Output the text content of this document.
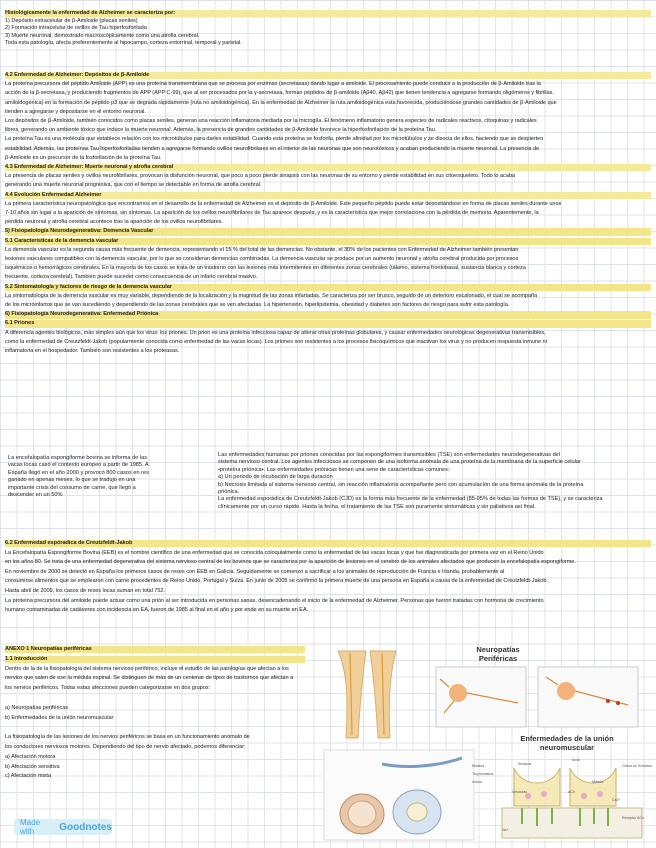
Histológicamente la enfermedad de Alzheimer se caracteriza por:
1) Depósito extracelular de β-Amiloide (placas seniles)
2) Formación intracelular de ovillos de Tau hiperfosforilada
3) Muerte neuronal, demostrado macroscópicamente como una atrofia cerebral.
Toda esta patología, afecta preferentemente al hipocampo, corteza entorrinal, temporal y parietal.
4.2 Enfermedad de Alzheimer: Depósitos de β-Amiloide
La proteína precursora del péptido Amiloide (APP) es una proteína transmembrana que se procesa por enzimas (secretasas) dando lugar a amiloide. El procesamiento puede conducir a la producción de β-Amiloide tras la
acción de la β-secretasa, y produciendo fragmentos de APP (APP C-99), que al ser procesados por la γ-secretasa, forman péptidos de β-amiloide (Aβ40, Aβ42) que tienen tendencia a agregarse formando oligómeros y fibrillas.
amiloidogénica) en la formación de péptido p3 que se degrada rápidamente (ruta no amiloidogénica). En la enfermedad de Alzheimer la ruta amiloidogénica esta favorecida, produciéndose grandes cantidades de β-Amiloide que
tienden a agregarse y depositarse en el entorno neuronal.
Los depósitos de β-Amiloide, también conocidos como placas seniles, generan una reacción inflamatoria mediada por la microglía. El fenómeno inflamatorio genera especies de radicales reactivos, citoquinas y radicales
libres, generando un ambiente tóxico que induce la muerte neuronal. Además, la presencia de grandes cantidades de β-Amiloide favorece la hiperfosforilación de la proteína Tau.
La proteína Tau es una molécula que establece relación con los microtúbulos para darles estabilidad. Cuando esta proteína se fosforila, pierde afinidad por los microtúbulos y se disocia de ellos, haciendo que se despierten
estabilidad. Además, las proteínas Tau hiperfosforiladas tienden a agregarse formando ovillos neurofibrilares en el interior de las neuronas que son neurotóxicos y acaban produciendo la muerte neuronal. La presencia de
β-Amiloide es un precursor de la fosforilación de la proteína Tau.
4.3 Enfermedad de Alzheimer: Muerte neuronal y atrofia cerebral
La presencia de placas seniles y ovillos neurofibrilares, provocan la disfunción neuronal, que poco a poco pierde sinapsis con las neuronas de su entorno y pierde estabilidad en sus citoesqueleto. Todo lo acaba
generando una muerte neuronal progresiva, que con el tiempo se detectable en forma de atrofia cerebral.
4.4 Evolución Enfermedad Alzheimer
La primera característica neuropatológica que encontramos en el desarrollo de la enfermedad de Alzheimer es el depósito de β-Amiloide. Este pequeño péptido puede estar depositándose en forma de placas seniles durante unos
7-10 años sin lugar a la aparición de síntomas, sin síntomas. La aparición de los ovillos neurofibrilares de Tau aparece después, y es la característica que mejor correlaciona con la pérdida de memoria. Aparentemente, la
pérdida neuronal y atrofia cerebral acontece tras la aparición de los ovillos neurofibrilares.
5) Fisiopatología Neurodegenerativa: Demencia Vascular
5.1 Características de la demencia vascular
La demencia vascular es la segunda causa más frecuente de demencia, representando el 15 % del total de las demencias. No obstante, el 30% de los pacientes con Enfermedad de Alzheimer también presentan
lesiones vasculares compatibles con la demencia vascular, por lo que se consideran demencias combinadas. La demencia vascular se produce por un aumento neuronal y atrofia cerebral producida por procesos
isquémicos o hemorrágicos cerebrales. En la mayoría de los casos se trata de un trastorno con las lesiones más intermitentes en diferentes zonas cerebrales (tálamo, sistema frontobasal, sustancia blanca y corteza
frecuente, corteza cerebral). También puede suceder como consecuencia de un infarto cerebral masivo.
5.2 Sintomatología y factores de riesgo de la demencia vascular
La sintomatología de la demencia vascular es muy variable, dependiendo de la localización y la magnitud de las zonas infartadas. Se caracteriza por ser brusco, seguido de un deterioro escalonado, el cual se acompaña
de los microinfartos que se van sucediendo y dependiendo de las zonas cerebrales que se ven afectadas. La hipertensión, hiperlipidemia, obesidad y diabetes son factores de riesgo para sufrir esta patología.
6) Fisiopatología Neurodegenerativa: Enfermedad Priónica
6.1 Priones
A diferencia agentes biológicos, más simples aún que los virus: los priones. Un prion es una proteína infecciosa capaz de alterar otras proteínas globulares, y causar enfermedades neurológicas degenerativas transmisibles,
como la enfermedad de Creutzfeldt-Jakob (popularmente conocida como enfermedad de las vacas locas). Los priones son resistentes a los procesos fisicoquímicos que inactivan los virus y no producen respuesta inmune ni
inflamatoria en el hospedador. También son resistentes a los proteasas.
La encefalopatía espongiforme bovina se informa de las
vacas locas casó el contexto europeo a partir de 1985. A
España llegó en el año 2000 y provocó 800 casos en res
ganado en apenas meses, lo que se tradujo en una
importante crisis del consumo de carne, que llegó a
descender en un 50%
Las enfermedades humanas por priones conocidas por las espongiformes transmisibles (TSE) son enfermedades neurodegenerativas del
sistema nervioso central. Los agentes infecciosos se componen de una isoforma anómala de una proteína de la membrana de la superficie celular
•proteína priónica•. Las enfermedades priónicas tienen una serie de características comunes:
a) Un periodo de incubación de larga duración
b) Necrosis limitada al sistema nervioso central, sin reacción inflamatoria acompañante pero con acumulación de una forma anómala de la proteína
priónica.
La enfermedad esporádica de Creutzfeldt-Jakob (CJD) es la forma más frecuente de la enfermedad (85-95% de todas las formas de TSE), y se caracteriza
clínicamente por un curso rápido. Hasta la fecha, el tratamiento de las TSE son puramente sintomáticas y sin paliativos así final.
6.2 Enfermedad espóradica de Creutzfeldt-Jakob
La Encefalopatía Espongiforme Bovina (EEB) es el nombre científico de una enfermedad que se conocida coloquialmente como la enfermedad de las vacas locas y que fue diagnosticada por primera vez en el Reino Unido
en los años 80. Se trata de una enfermedad degenerativa del sistema nervioso central de los bovinos que se caracteriza por la aparición de lesiones en el cerebro de los animales afectados que producen la encefalopatía espongiforme.
En noviembre de 2000 se detectó en España los primeros casos de reses con EEB en Galicia. Seguidamente se comenzó a sacrificar a los animales de reproducción de Francia e Irlanda, probablemente al
consumirse alimentos que se emplearon con carne procedentes de Reino Unido, Portugal y Suiza. En junio de 2005 se confirmó la primera muerte de una persona en España a causa de la enfermedad de Creutzfeldt-Jakob.
Hasta abril de 2009, los casos de reses locas suman en total 752.
La proteína precursora del amiloide puede actuar como una prión al ser introducida en personas sanas, desencadenando el inicio de la enfermedad de Alzheimer. Personas que fueron tratadas con hormona de crecimiento
humano contaminadas de cadáveres con incidencia en EA, fueron de 1985 al final en el año y por ende en su muerte en EA.
ANEXO 1 Neuropatías periféricas
1.1 Introducción
Dentro de la de la fisiopatología del sistema nervioso periférico, incluye el estudio de las patologías que afectan a los
nervios que salen de ese la médula espinal. Se distinguen de más de un centenar de tipos de trastornos que afectan a
los nervios periféricos. Todas estas afecciones pueden categorizarse en dos grupos:
a) Neuropatías periféricas
b) Enfermedades de la unión neuromuscular
La fisiopatología de las lesiones de los nervios periféricos se basa en un funcionamiento anómalo de
los conductores nerviosos motores. Dependiendo del tipo de nervio afectado, podemos diferenciar:
a) Afectación motora
b) Afectación sensitiva
c) Afectación mixta
Neuropatías
Periféricas
Enfermedades de la unión
neuromuscular
Miosina
Tropomiosina
Actina
Sinapsis	Célula de Schwann
Axón
Mielina
Vesículas
Receptor ACh
Na+
ACh
Ca2+
Made with	Goodnotes
